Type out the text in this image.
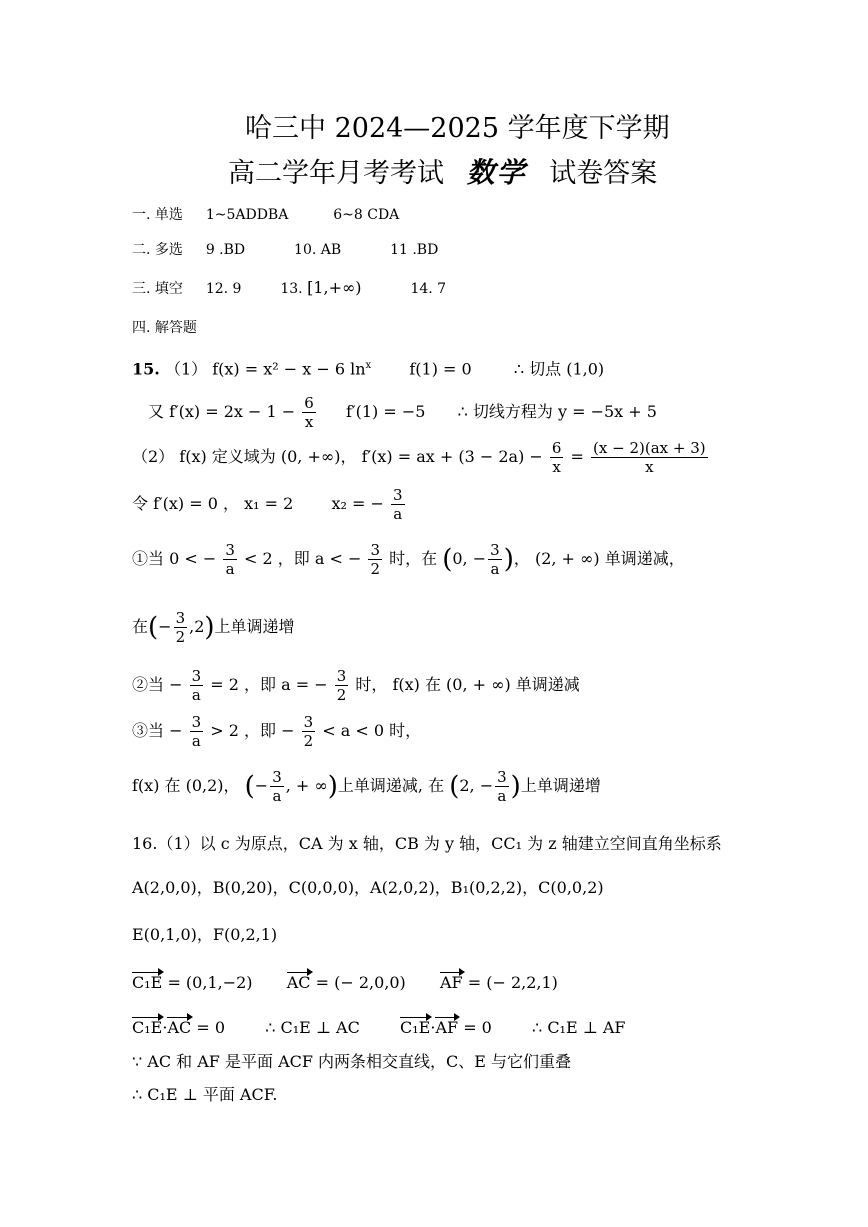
哈三中 2024—2025 学年度下学期
高二学年月考考试 数学 试卷答案
一. 单选 1~5ADDBA	6~8 CDA
二. 多选 9 .BD	10. AB	11 .BD
三. 填空 12. 9	13. [1,+∞)	14. 7
四. 解答题
15. （1） f(x) = x² − x − 6 $\ln^x f(1) = 0$	∴ 切点 (1,0)
又 $f'(x) = 2x - 1 - \frac{6}{x} f'(1) = -5$ ∴ 切线方程为 y = −5x + 5
（2） f(x) 定义域为 (0, +∞)， f′(x) = ax + $(3 - 2a) - \frac{6}{x} = \frac{(x - 2)(ax + 3)}{x}$
令 f′(x) = 0 ， x₁ = 2 x₂ = − $\frac{3}{a}$
①当 0 < − $\frac{3}{a} < 2$ ，即 a < − $\frac{3}{2}$ 时，在 (0, − $\frac{3}{a}$ )， (2, + ∞) 单调递减，
在(− $\frac{3}{2} ,2$)上单调递增
②当 − $\frac{3}{a} = 2$ ，即 a = − $\frac{3}{2}$ 时， f(x) 在 (0, + ∞) 单调递减
③当 − $\frac{3}{a} > 2$ ，即 − $\frac{3}{2} < a < 0$ 时，
f(x) 在 (0,2)， (− $\frac{3}{a}$ , + ∞)上单调递减, 在 (2, − $\frac{3}{a}$ )上单调递增
16.（1）以 c 为原点，CA 为 x 轴，CB 为 y 轴，CC₁ 为 z 轴建立空间直角坐标系
A(2,0,0)，B(0,20)，C(0,0,0)，A(2,0,2)，B₁(0,2,2)，C(0,0,2)
E(0,1,0)，F(0,2,1)
C₁E = (0,1,−2) AC = (− 2,0,0) AF = (− 2,2,1)
C₁E·AC = 0	∴ C₁E ⊥ AC	C₁E·AF = 0	∴ C₁E ⊥ AF
∵ AC 和 AF 是平面 ACF 内两条相交直线，C、E 与它们重叠
∴ C₁E ⊥ 平面 ACF.
